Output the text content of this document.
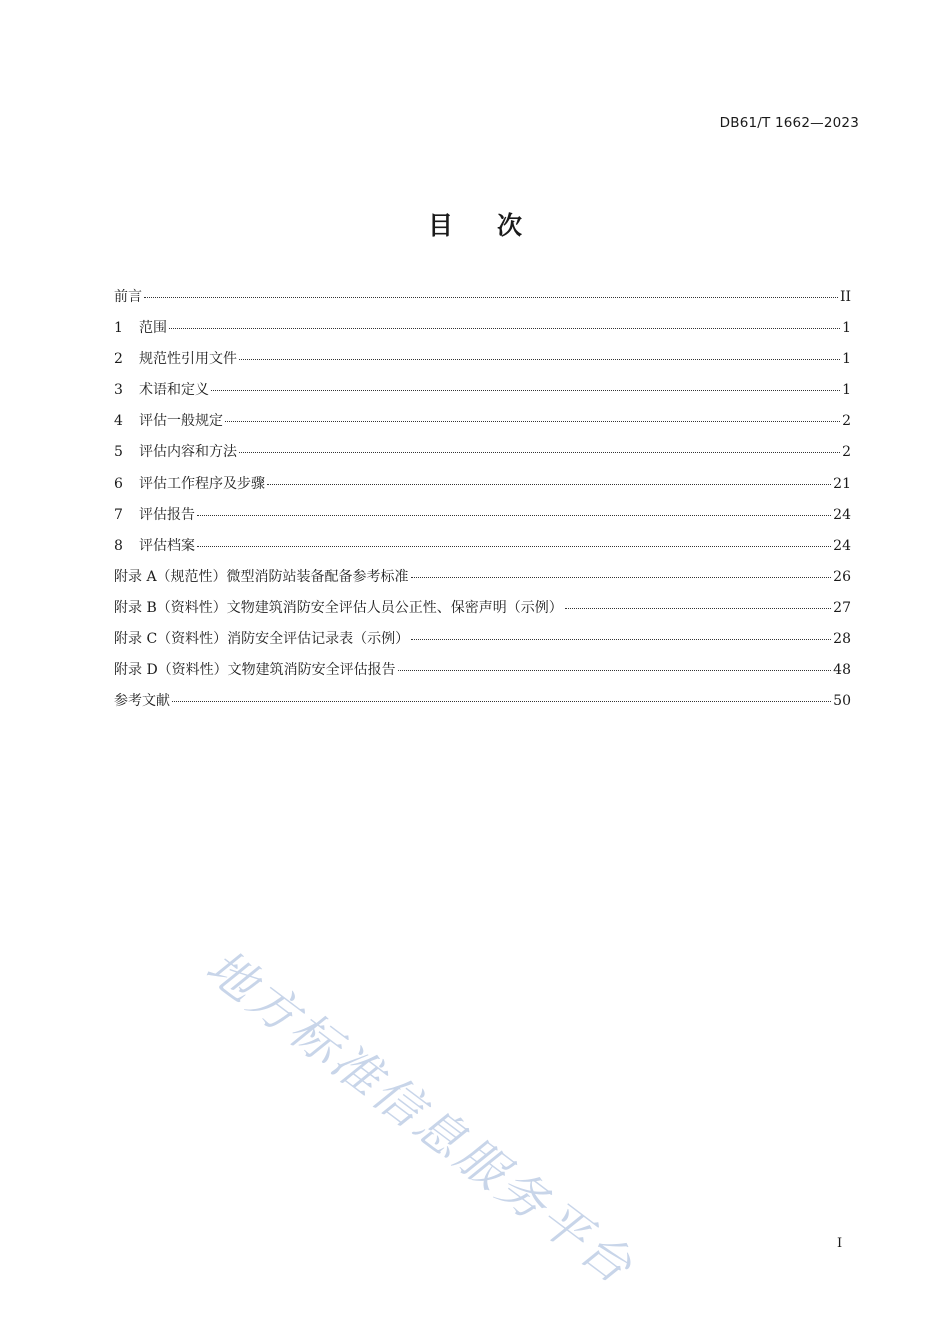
DB61/T 1662—2023
目 次
前言	II
1	范围	1
2	规范性引用文件	1
3	术语和定义	1
4	评估一般规定	2
5	评估内容和方法	2
6	评估工作程序及步骤	21
7	评估报告	24
8	评估档案	24
附录 A（规范性）微型消防站装备配备参考标准	26
附录 B（资料性）文物建筑消防安全评估人员公正性、保密声明（示例）	27
附录 C（资料性）消防安全评估记录表（示例）	28
附录 D（资料性）文物建筑消防安全评估报告	48
参考文献	50
地方标准信息服务平台	I
